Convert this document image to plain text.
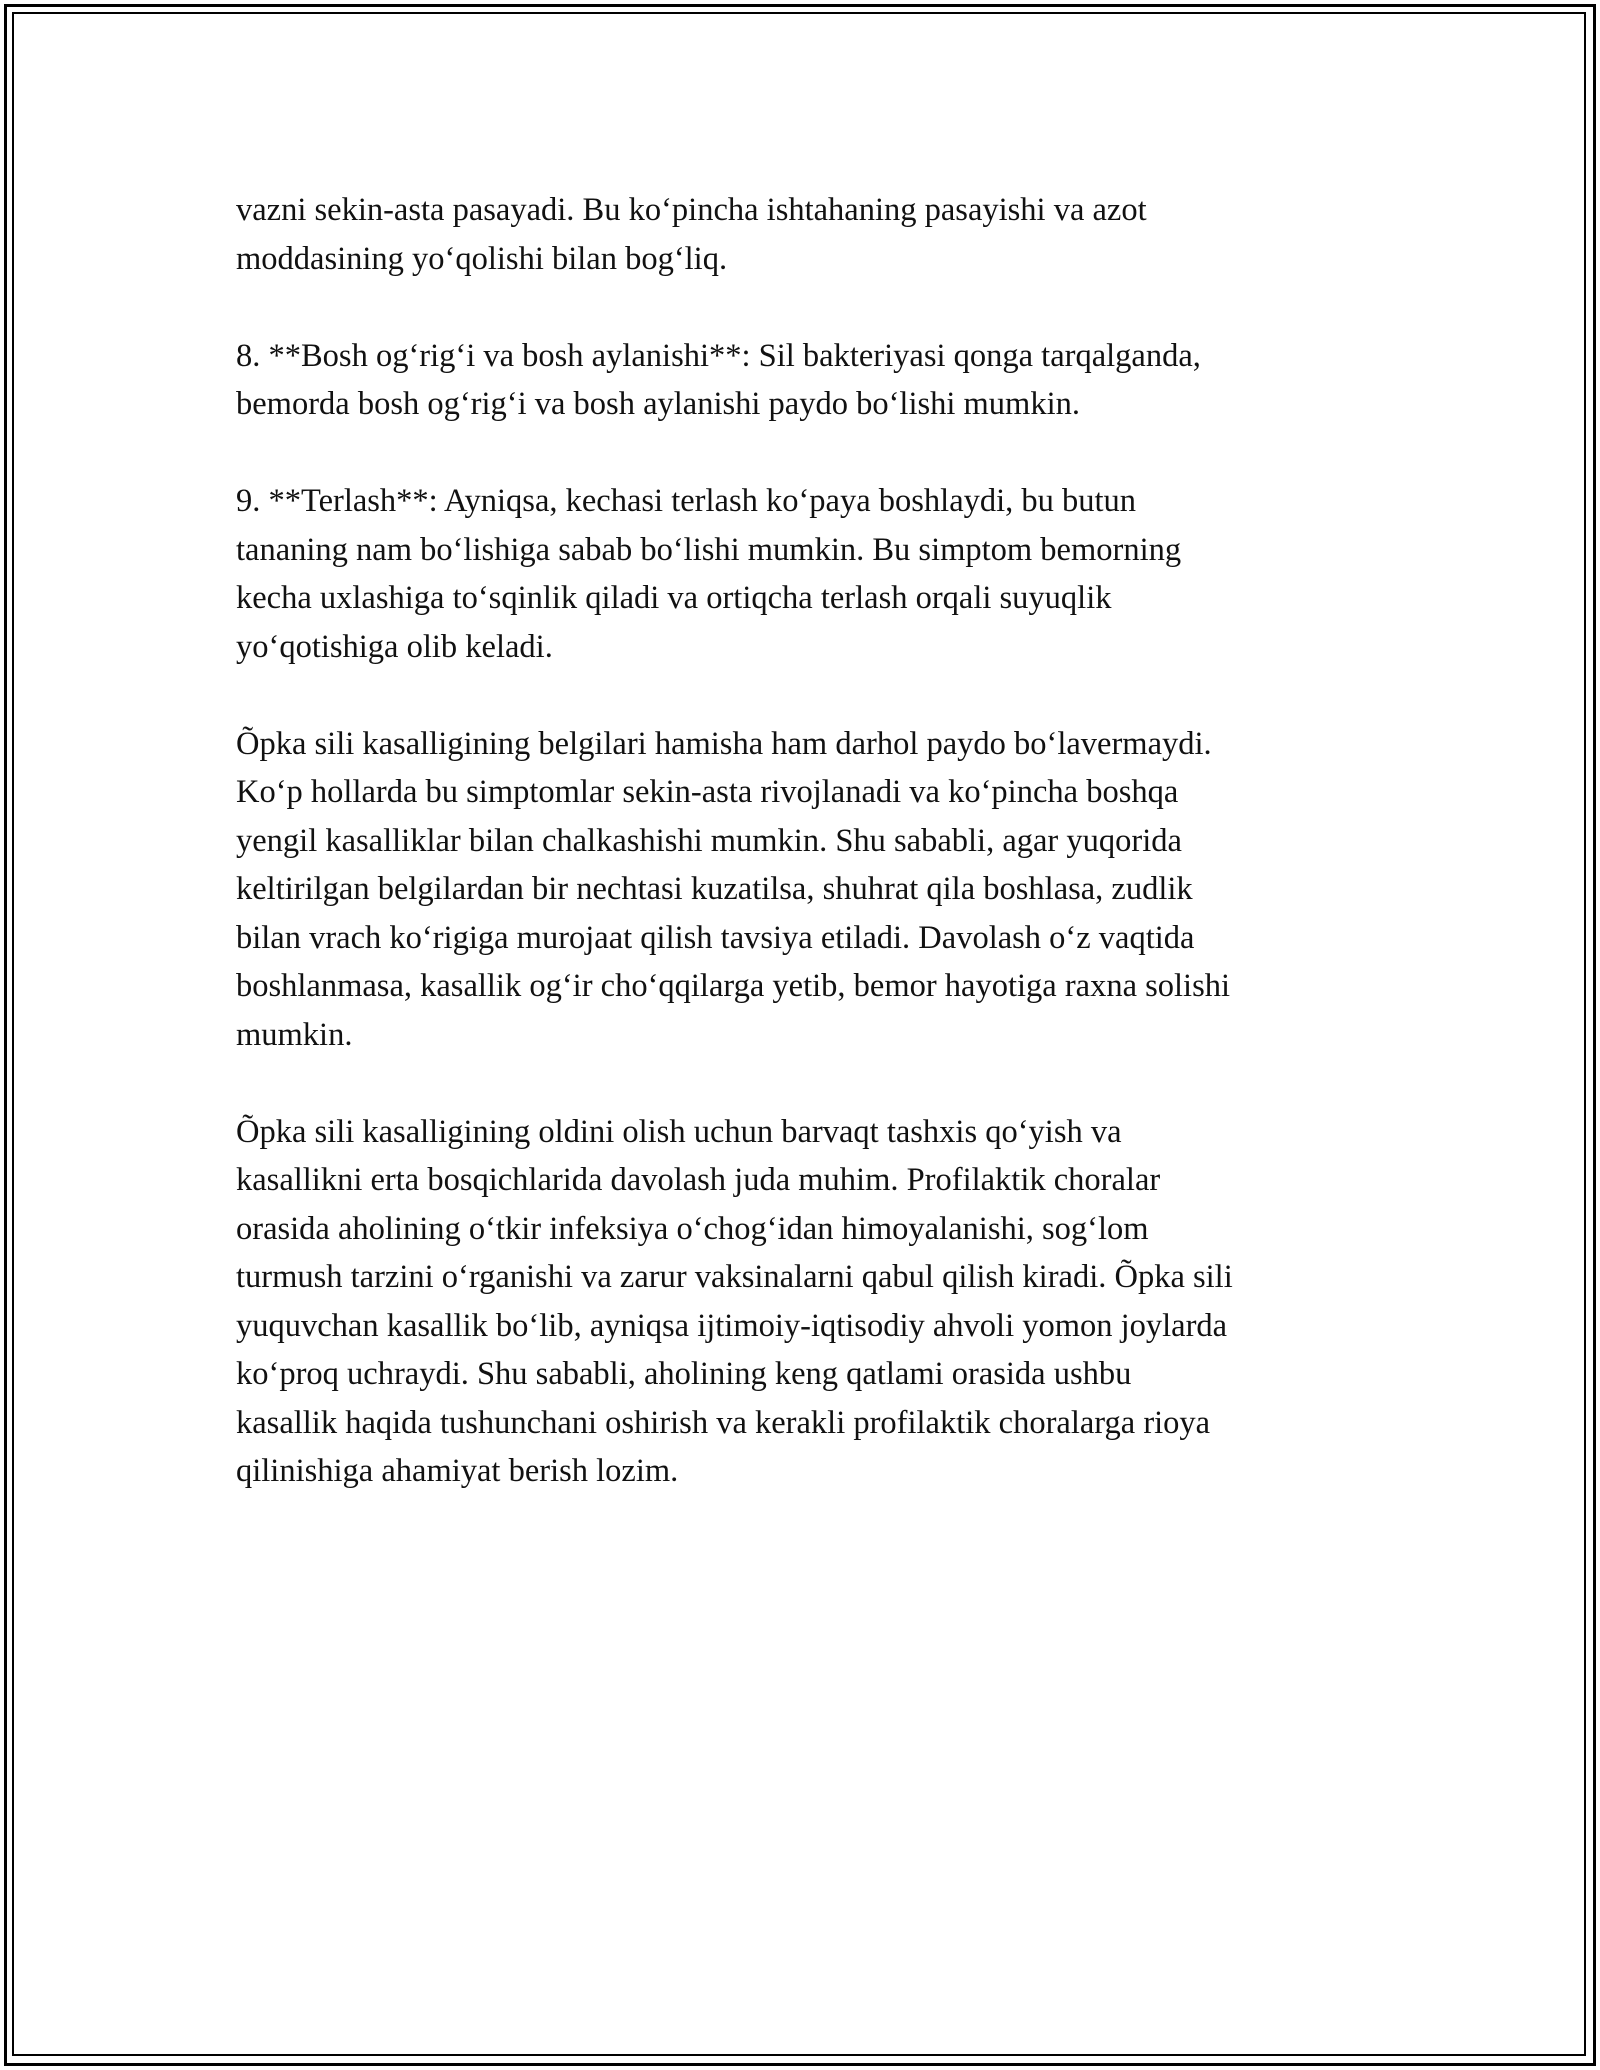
vazni sekin-asta pasayadi. Bu ko‘pincha ishtahaning pasayishi va azot
moddasining yo‘qolishi bilan bog‘liq.

8. **Bosh og‘rig‘i va bosh aylanishi**: Sil bakteriyasi qonga tarqalganda,
bemorda bosh og‘rig‘i va bosh aylanishi paydo bo‘lishi mumkin.

9. **Terlash**: Ayniqsa, kechasi terlash ko‘paya boshlaydi, bu butun
tananing nam bo‘lishiga sabab bo‘lishi mumkin. Bu simptom bemorning
kecha uxlashiga to‘sqinlik qiladi va ortiqcha terlash orqali suyuqlik
yo‘qotishiga olib keladi.

Õpka sili kasalligining belgilari hamisha ham darhol paydo bo‘lavermaydi.
Ko‘p hollarda bu simptomlar sekin-asta rivojlanadi va ko‘pincha boshqa
yengil kasalliklar bilan chalkashishi mumkin. Shu sababli, agar yuqorida
keltirilgan belgilardan bir nechtasi kuzatilsa, shuhrat qila boshlasa, zudlik
bilan vrach ko‘rigiga murojaat qilish tavsiya etiladi. Davolash o‘z vaqtida
boshlanmasa, kasallik og‘ir cho‘qqilarga yetib, bemor hayotiga raxna solishi
mumkin.

Õpka sili kasalligining oldini olish uchun barvaqt tashxis qo‘yish va
kasallikni erta bosqichlarida davolash juda muhim. Profilaktik choralar
orasida aholining o‘tkir infeksiya o‘chog‘idan himoyalanishi, sog‘lom
turmush tarzini o‘rganishi va zarur vaksinalarni qabul qilish kiradi. Õpka sili
yuquvchan kasallik bo‘lib, ayniqsa ijtimoiy-iqtisodiy ahvoli yomon joylarda
ko‘proq uchraydi. Shu sababli, aholining keng qatlami orasida ushbu
kasallik haqida tushunchani oshirish va kerakli profilaktik choralarga rioya
qilinishiga ahamiyat berish lozim.
